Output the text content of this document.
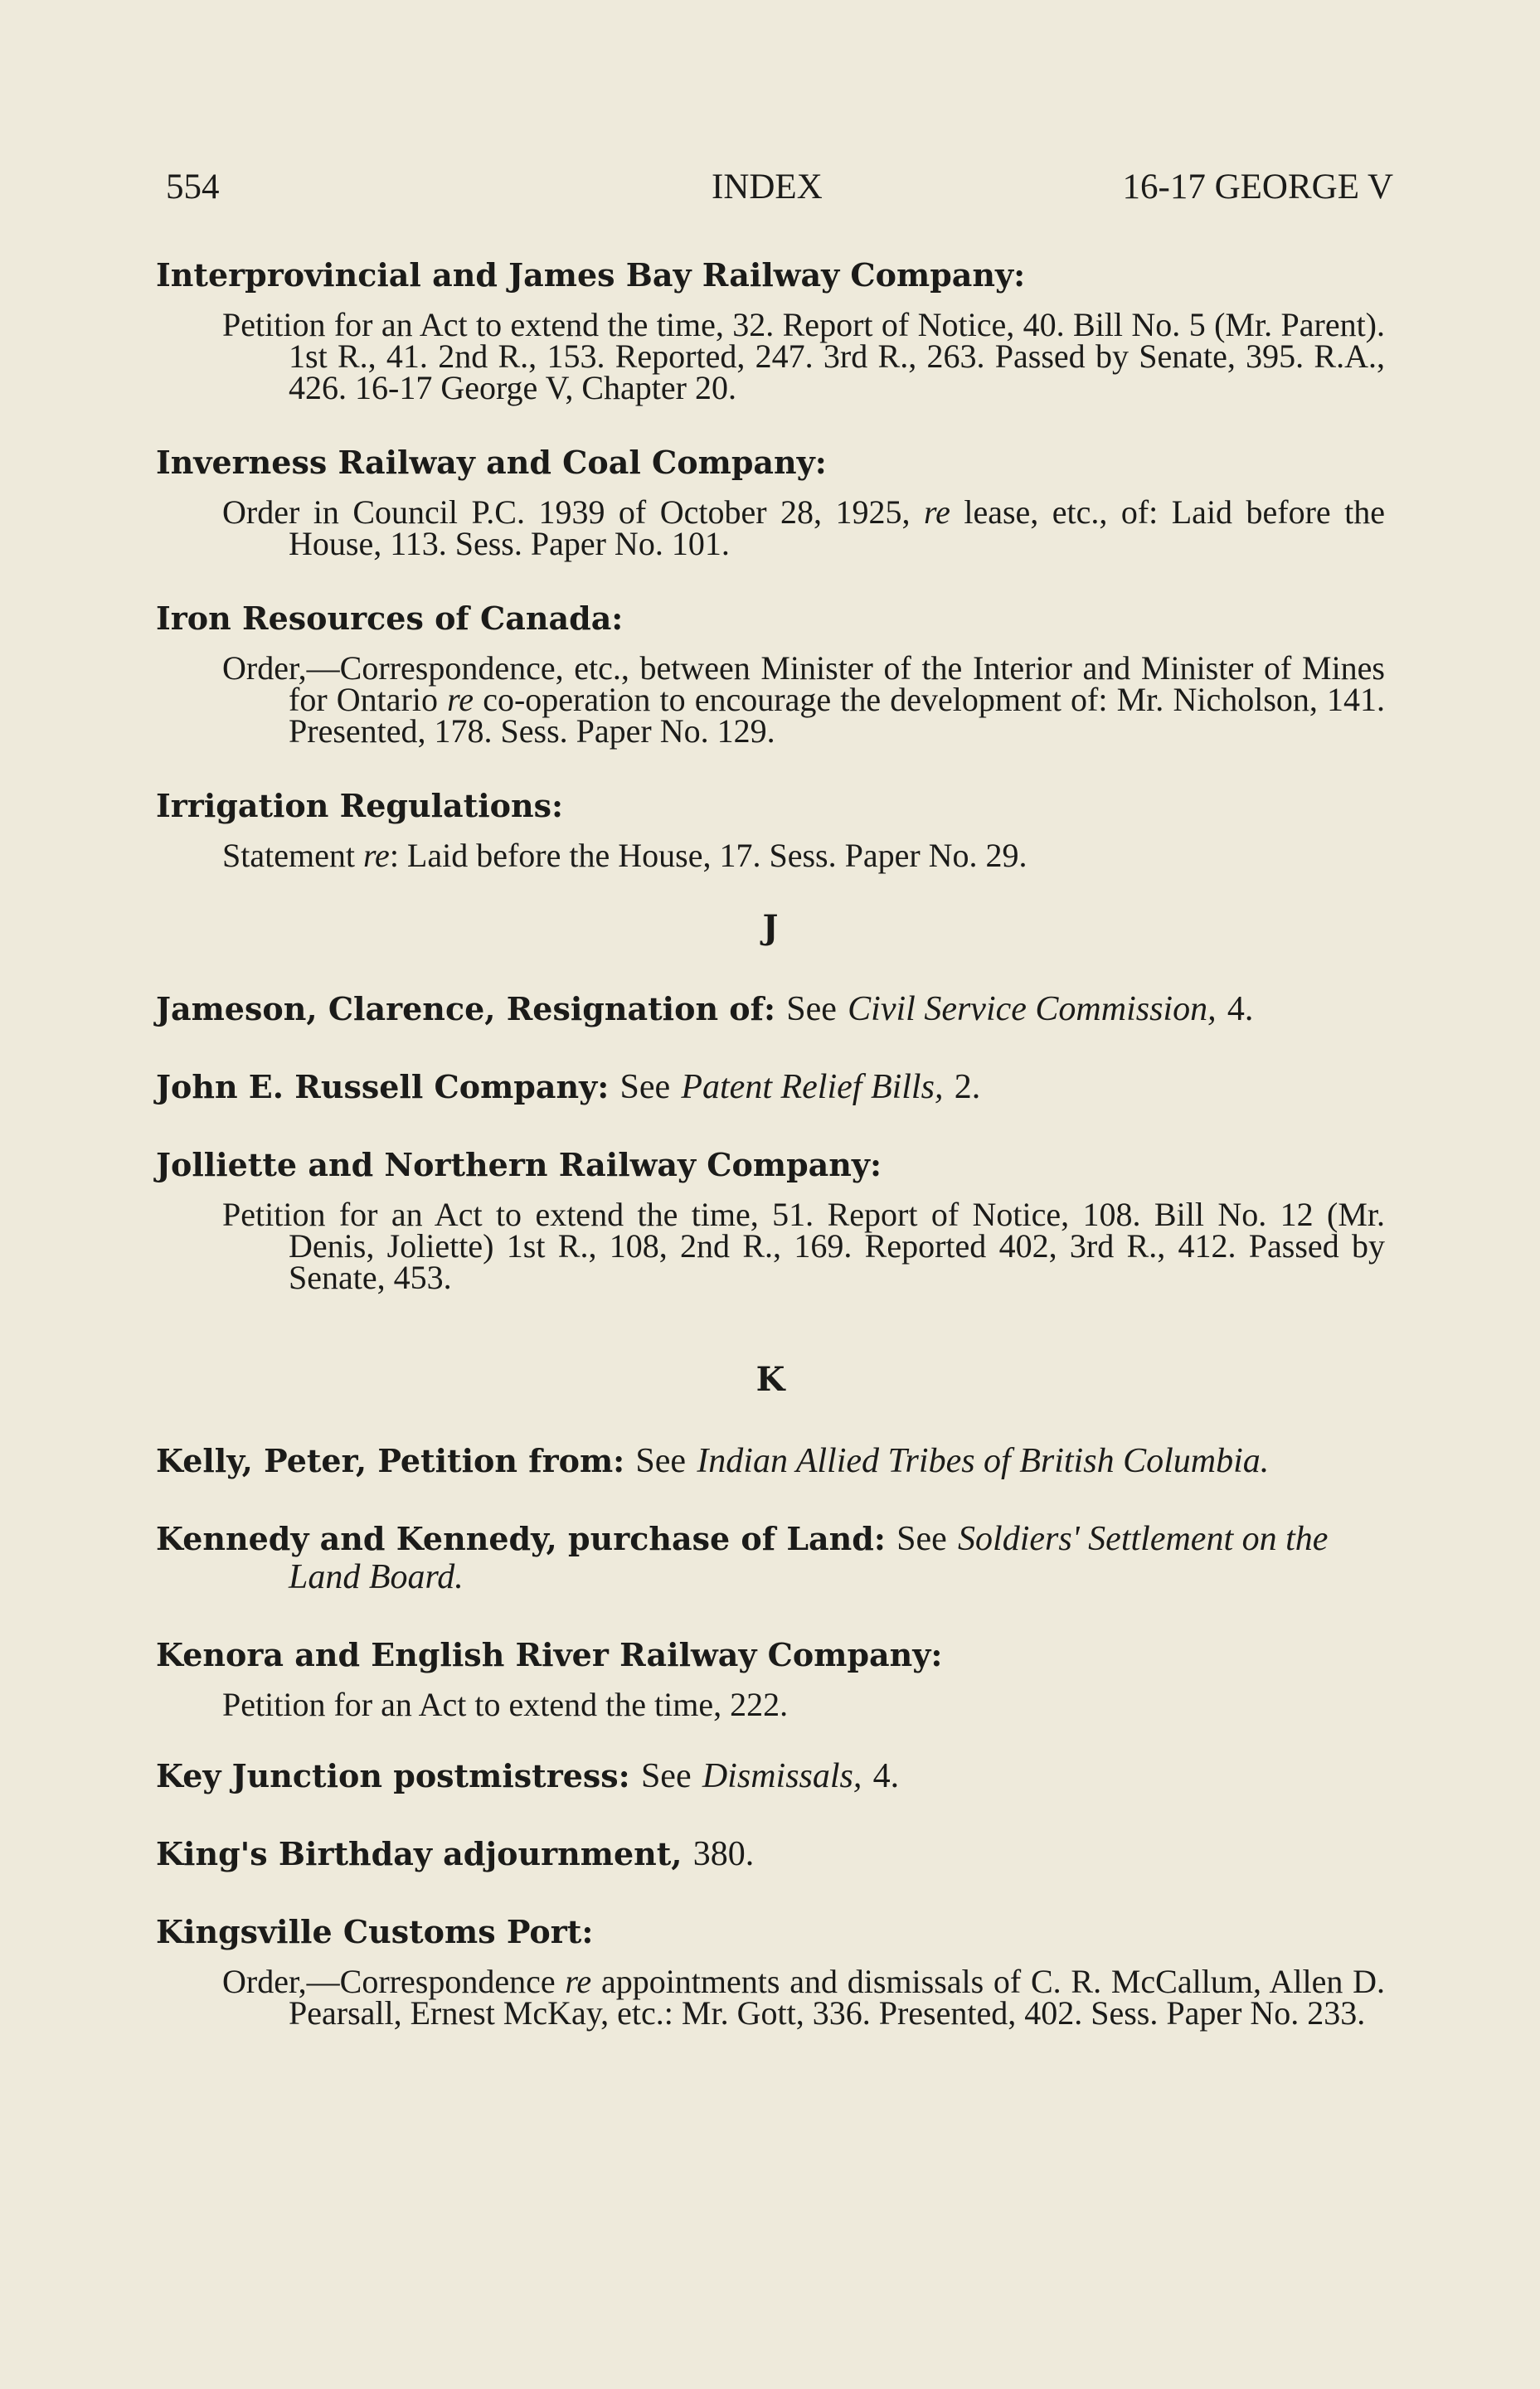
554	INDEX	16-17 GEORGE V
Interprovincial and James Bay Railway Company:
Petition for an Act to extend the time, 32. Report of Notice, 40. Bill No. 5 (Mr. Parent). 1st R., 41. 2nd R., 153. Reported, 247. 3rd R., 263. Passed by Senate, 395. R.A., 426. 16-17 George V, Chapter 20.
Inverness Railway and Coal Company:
Order in Council P.C. 1939 of October 28, 1925, re lease, etc., of: Laid before the House, 113. Sess. Paper No. 101.
Iron Resources of Canada:
Order,—Correspondence, etc., between Minister of the Interior and Minister of Mines for Ontario re co-operation to encourage the development of: Mr. Nicholson, 141. Presented, 178. Sess. Paper No. 129.
Irrigation Regulations:
Statement re: Laid before the House, 17. Sess. Paper No. 29.
J
Jameson, Clarence, Resignation of: See Civil Service Commission, 4.
John E. Russell Company: See Patent Relief Bills, 2.
Jolliette and Northern Railway Company:
Petition for an Act to extend the time, 51. Report of Notice, 108. Bill No. 12 (Mr. Denis, Joliette) 1st R., 108, 2nd R., 169. Reported 402, 3rd R., 412. Passed by Senate, 453.
K
Kelly, Peter, Petition from: See Indian Allied Tribes of British Columbia.
Kennedy and Kennedy, purchase of Land: See Soldiers' Settlement on the
Land Board.
Kenora and English River Railway Company:
Petition for an Act to extend the time, 222.
Key Junction postmistress: See Dismissals, 4.
King's Birthday adjournment, 380.
Kingsville Customs Port:
Order,—Correspondence re appointments and dismissals of C. R. McCallum, Allen D. Pearsall, Ernest McKay, etc.: Mr. Gott, 336. Presented, 402. Sess. Paper No. 233.
